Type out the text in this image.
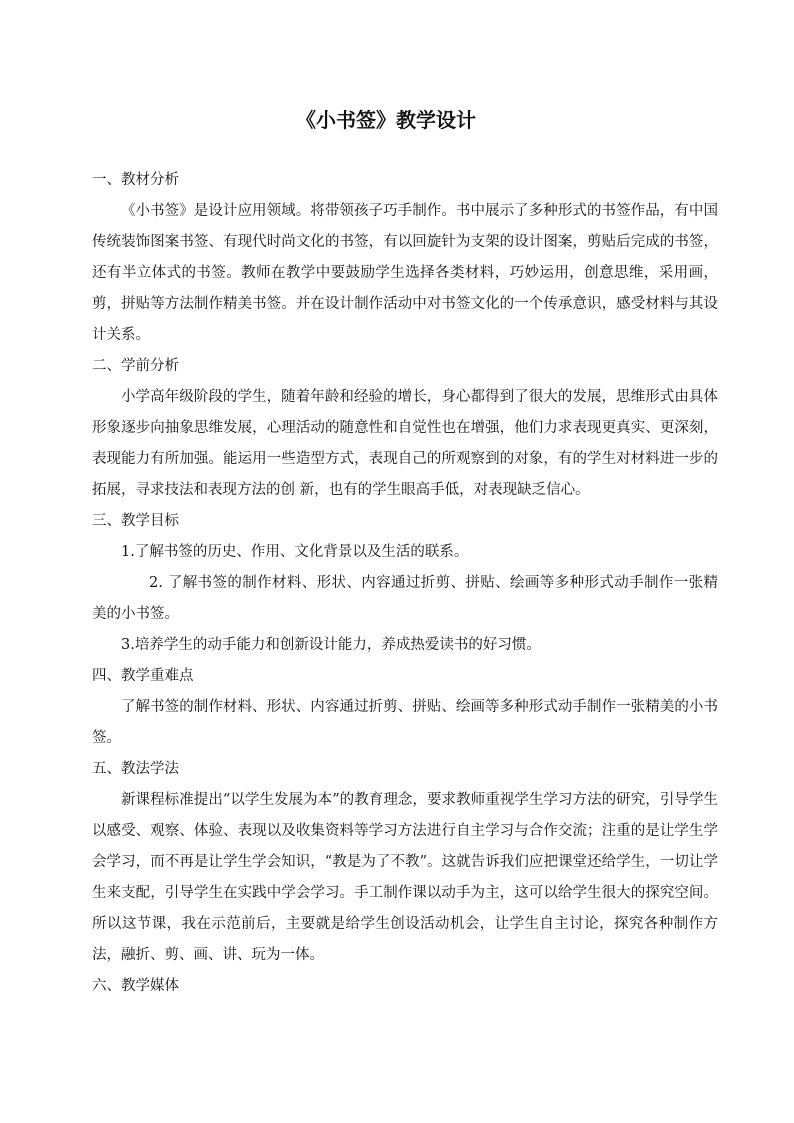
《小书签》教学设计
一、教材分析

《小书签》是设计应用领域。将带领孩子巧手制作。书中展示了多种形式的书签作品，有中国传统装饰图案书签、有现代时尚文化的书签，有以回旋针为支架的设计图案，剪贴后完成的书签，还有半立体式的书签。教师在教学中要鼓励学生选择各类材料，巧妙运用，创意思维，采用画，剪，拼贴等方法制作精美书签。并在设计制作活动中对书签文化的一个传承意识，感受材料与其设计关系。

二、学前分析

小学高年级阶段的学生，随着年龄和经验的增长，身心都得到了很大的发展，思维形式由具体形象逐步向抽象思维发展，心理活动的随意性和自觉性也在增强，他们力求表现更真实、更深刻，表现能力有所加强。能运用一些造型方式，表现自己的所观察到的对象，有的学生对材料进一步的拓展，寻求技法和表现方法的创 新，也有的学生眼高手低，对表现缺乏信心。

三、教学目标

1.了解书签的历史、作用、文化背景以及生活的联系。

2. 了解书签的制作材料、形状、内容通过折剪、拼贴、绘画等多种形式动手制作一张精美的小书签。

3.培养学生的动手能力和创新设计能力，养成热爱读书的好习惯。

四、教学重难点

了解书签的制作材料、形状、内容通过折剪、拼贴、绘画等多种形式动手制作一张精美的小书签。

五、教法学法

新课程标准提出“以学生发展为本”的教育理念，要求教师重视学生学习方法的研究，引导学生以感受、观察、体验、表现以及收集资料等学习方法进行自主学习与合作交流；注重的是让学生学会学习，而不再是让学生学会知识，“教是为了不教”。这就告诉我们应把课堂还给学生，一切让学生来支配，引导学生在实践中学会学习。手工制作课以动手为主，这可以给学生很大的探究空间。所以这节课，我在示范前后，主要就是给学生创设活动机会，让学生自主讨论，探究各种制作方法，融折、剪、画、讲、玩为一体。

六、教学媒体
